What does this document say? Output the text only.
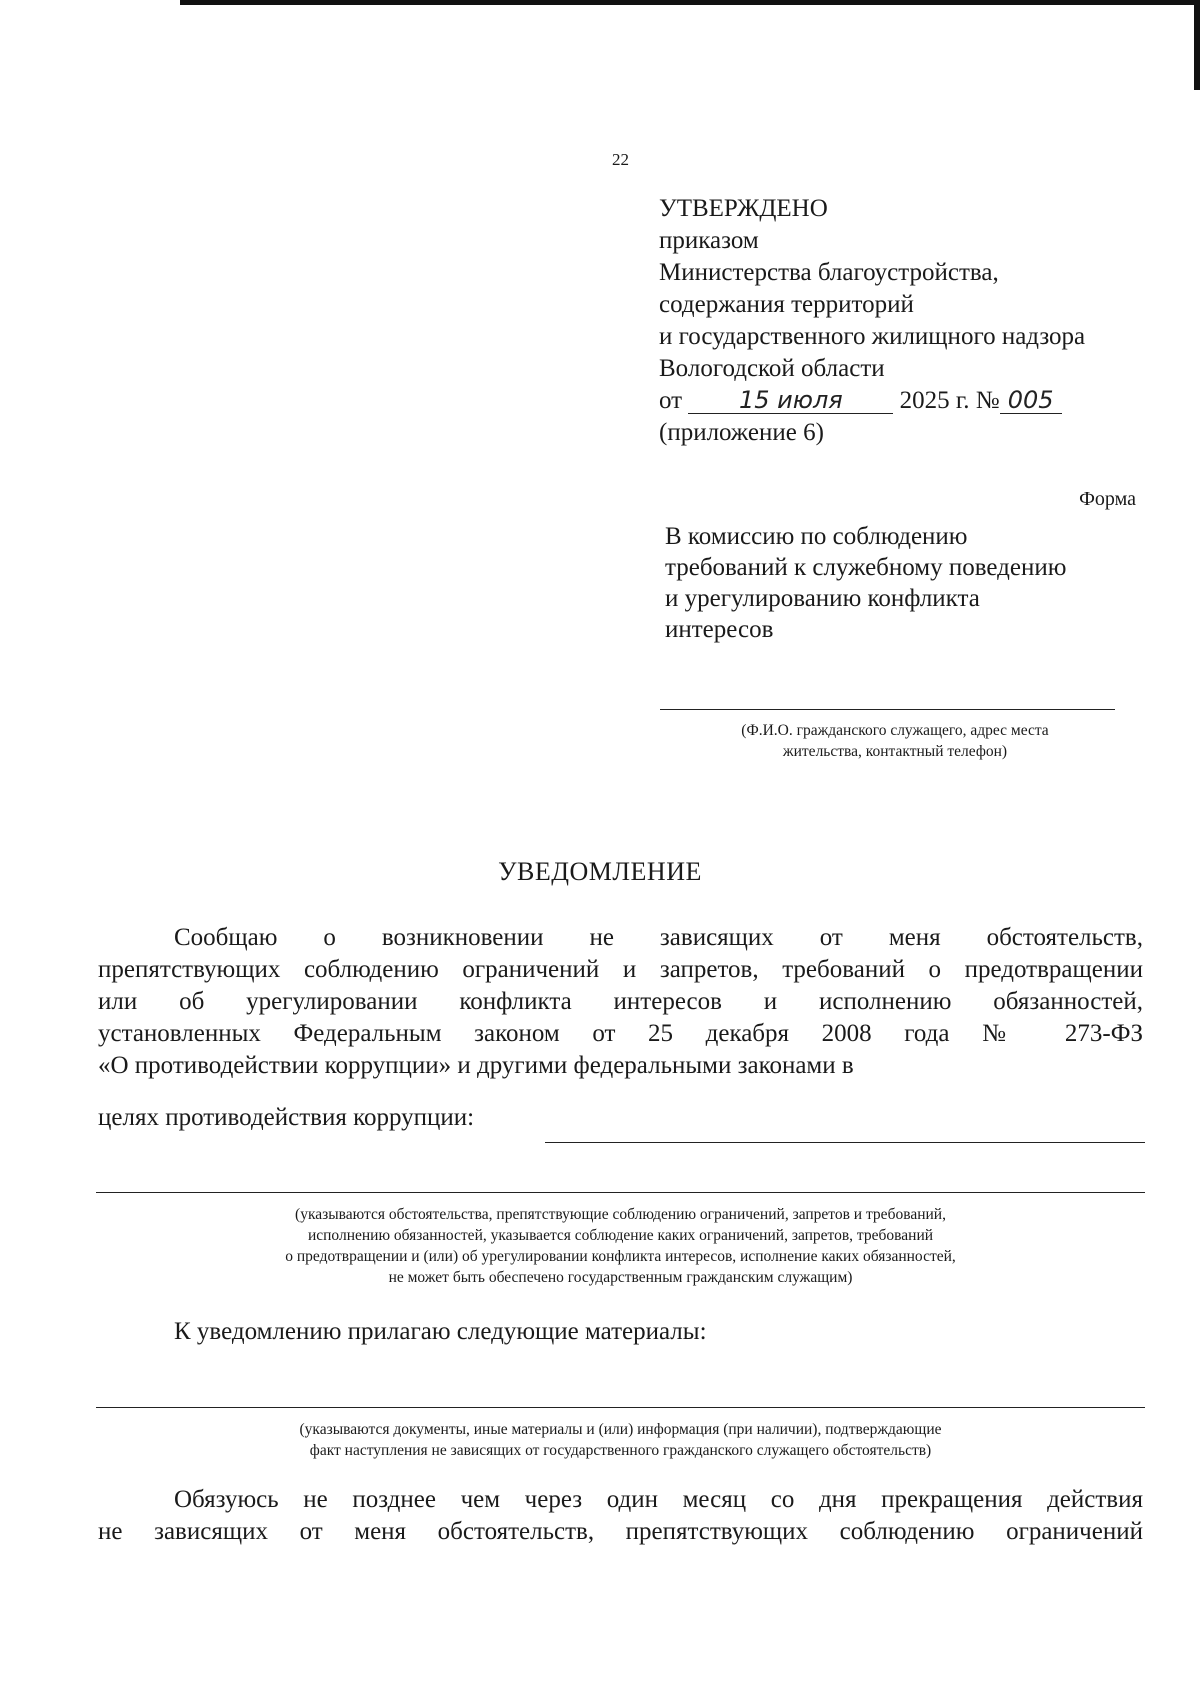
22
УТВЕРЖДЕНО
приказом
Министерства благоустройства,
содержания территорий
и государственного жилищного надзора
Вологодской области
от 15 июля 2025 г. № 005
(приложение 6)
Форма
В комиссию по соблюдению
требований к служебному поведению
и урегулированию конфликта
интересов
(Ф.И.О. гражданского служащего, адрес места
жительства, контактный телефон)
УВЕДОМЛЕНИЕ
Сообщаю о возникновении не зависящих от меня обстоятельств,
препятствующих соблюдению ограничений и запретов, требований о предотвращении
или об урегулировании конфликта интересов и исполнению обязанностей,
установленных Федеральным законом от 25 декабря 2008 года № 273-ФЗ
«О противодействии коррупции» и другими федеральными законами в
целях противодействия коррупции:
(указываются обстоятельства, препятствующие соблюдению ограничений, запретов и требований,
исполнению обязанностей, указывается соблюдение каких ограничений, запретов, требований
о предотвращении и (или) об урегулировании конфликта интересов, исполнение каких обязанностей,
не может быть обеспечено государственным гражданским служащим)
К уведомлению прилагаю следующие материалы:
(указываются документы, иные материалы и (или) информация (при наличии), подтверждающие
факт наступления не зависящих от государственного гражданского служащего обстоятельств)
Обязуюсь не позднее чем через один месяц со дня прекращения действия
не зависящих от меня обстоятельств, препятствующих соблюдению ограничений
